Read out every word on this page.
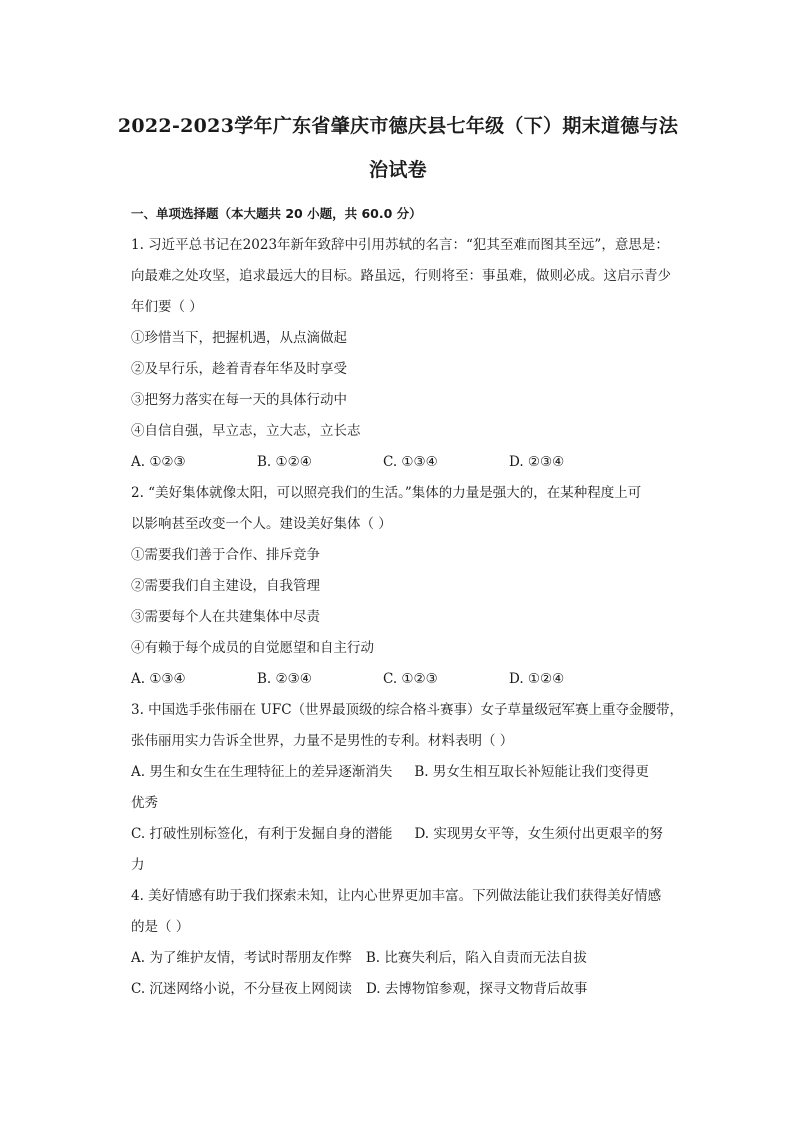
2022-2023学年广东省肇庆市德庆县七年级（下）期末道德与法
治试卷
一、单项选择题（本大题共 20 小题，共 60.0 分）
1. 习近平总书记在2023年新年致辞中引用苏轼的名言：“犯其至难而图其至远”，意思是：
向最难之处攻坚，追求最远大的目标。路虽远，行则将至：事虽难，做则必成。这启示青少
年们要（ ）
①珍惜当下，把握机遇，从点滴做起
②及早行乐，趁着青春年华及时享受
③把努力落实在每一天的具体行动中
④自信自强，早立志，立大志，立长志
A. ①②③	B. ①②④	C. ①③④	D. ②③④
2. “美好集体就像太阳，可以照亮我们的生活。”集体的力量是强大的，在某种程度上可
以影响甚至改变一个人。建设美好集体（ ）
①需要我们善于合作、排斥竞争
②需要我们自主建设，自我管理
③需要每个人在共建集体中尽责
④有赖于每个成员的自觉愿望和自主行动
A. ①③④	B. ②③④	C. ①②③	D. ①②④
3. 中国选手张伟丽在 UFC（世界最顶级的综合格斗赛事）女子草量级冠军赛上重夺金腰带，
张伟丽用实力告诉全世界，力量不是男性的专利。材料表明（ ）
A. 男生和女生在生理特征上的差异逐渐消失 B. 男女生相互取长补短能让我们变得更
优秀
C. 打破性别标签化，有利于发掘自身的潜能 D. 实现男女平等，女生须付出更艰辛的努
力
4. 美好情感有助于我们探索未知，让内心世界更加丰富。下列做法能让我们获得美好情感
的是（ ）
A. 为了维护友情，考试时帮朋友作弊 B. 比赛失利后，陷入自责而无法自拔
C. 沉迷网络小说，不分昼夜上网阅读 D. 去博物馆参观，探寻文物背后故事
